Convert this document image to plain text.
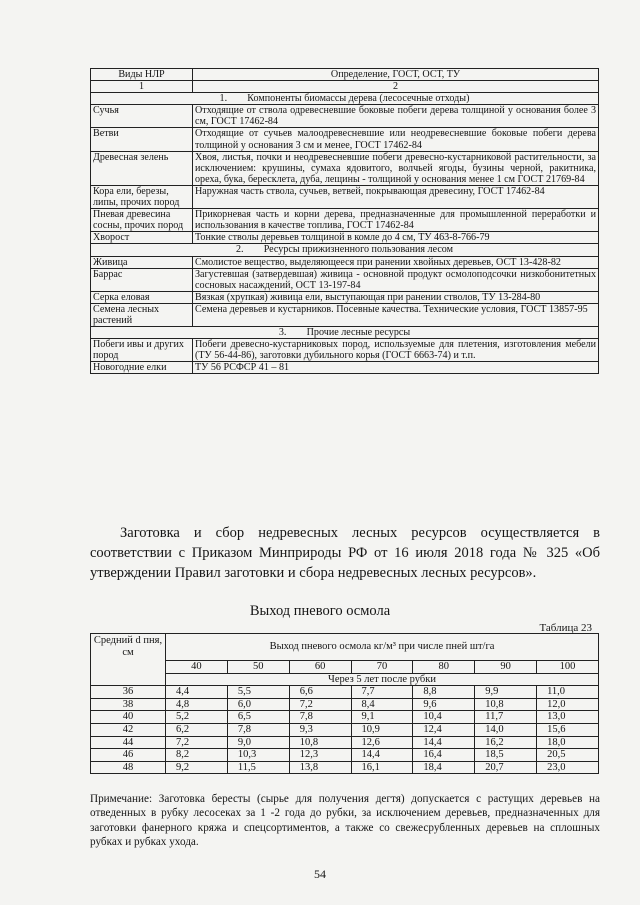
Виды НЛР	Определение, ГОСТ, ОСТ, ТУ
1	2
1.        Компоненты биомассы дерева (лесосечные отходы)	
Сучья	Отходящие от ствола одревесневшие боковые побеги дерева толщиной у основания более 3 см, ГОСТ 17462-84
Ветви	Отходящие от сучьев малоодревесневшие или неодревесневшие боковые побеги дерева толщиной у основания 3 см и менее, ГОСТ 17462-84
Древесная зелень	Хвоя, листья, почки и неодревесневшие побеги древесно-кустарниковой растительности, за исключением: крушины, сумаха ядовитого, волчьей ягоды, бузины черной, ракитника, ореха, бука, бересклета, дуба, лещины - толщиной у основания менее 1 см ГОСТ 21769-84
Кора ели, березы, липы, прочих пород	Наружная часть ствола, сучьев, ветвей, покрывающая древесину, ГОСТ 17462-84
Пневая древесина сосны, прочих пород	Прикорневая часть и корни дерева, предназначенные для промышленной переработки и использования в качестве топлива, ГОСТ 17462-84
Хворост	Тонкие стволы деревьев толщиной в комле до 4 см, ТУ 463-8-766-79
2.        Ресурсы прижизненного пользования лесом	
Живица	Смолистое вещество, выделяющееся при ранении хвойных деревьев, ОСТ 13-428-82
Баррас	Загустевшая (затвердевшая) живица - основной продукт осмолоподсочки низкобонитетных сосновых насаждений, ОСТ 13-197-84
Серка еловая	Вязкая (хрупкая) живица ели, выступающая при ранении стволов, ТУ 13-284-80
Семена лесных растений	Семена деревьев и кустарников. Посевные качества. Технические условия, ГОСТ 13857-95
3.        Прочие лесные ресурсы	
Побеги ивы и других пород	Побеги древесно-кустарниковых пород, используемые для плетения, изготовления мебели (ТУ 56-44-86), заготовки дубильного корья (ГОСТ 6663-74) и т.п.
Новогодние елки	ТУ 56 РСФСР 41 – 81
Заготовка и сбор недревесных лесных ресурсов осуществляется в соответствии с Приказом Минприроды РФ от 16 июля 2018 года № 325 «Об утверждении Правил заготовки и сбора недревесных лесных ресурсов».
Выход пневого осмола
Таблица 23
Средний d пня, см	Выход пневого осмола кг/м³ при числе пней шт/га						
	40	50	60	70	80	90	100
	Через 5 лет после рубки						
36	4,4	5,5	6,6	7,7	8,8	9,9	11,0
38	4,8	6,0	7,2	8,4	9,6	10,8	12,0
40	5,2	6,5	7,8	9,1	10,4	11,7	13,0
42	6,2	7,8	9,3	10,9	12,4	14,0	15,6
44	7,2	9,0	10,8	12,6	14,4	16,2	18,0
46	8,2	10,3	12,3	14,4	16,4	18,5	20,5
48	9,2	11,5	13,8	16,1	18,4	20,7	23,0
Примечание: Заготовка бересты (сырье для получения дегтя) допускается с растущих деревьев на отведенных в рубку лесосеках за 1 -2 года до рубки, за исключением деревьев, предназначенных для заготовки фанерного кряжа и спецсортиментов, а также со свежесрубленных деревьев на сплошных рубках и рубках ухода.
54
